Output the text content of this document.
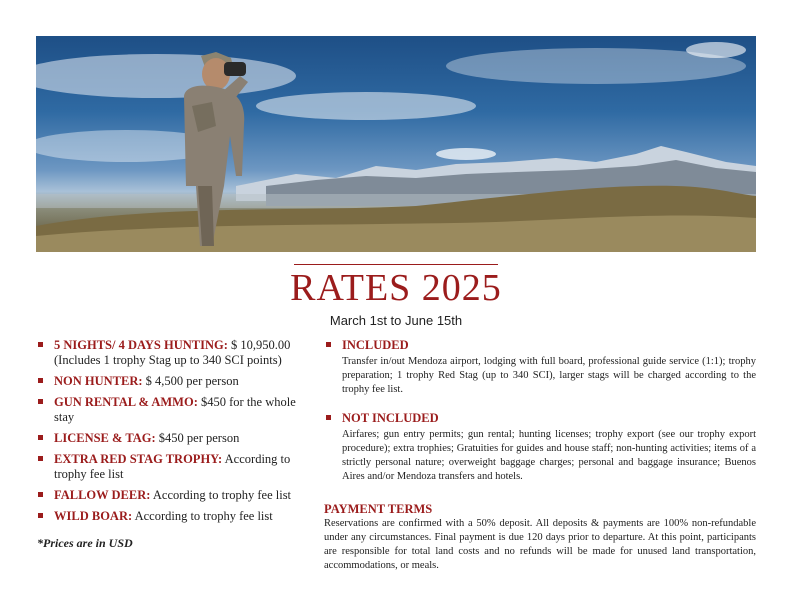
RATES 2025
March 1st to June 15th
5 NIGHTS/ 4 DAYS HUNTING: $ 10,950.00
(Includes 1 trophy Stag up to 340 SCI points)
NON HUNTER: $ 4,500 per person
GUN RENTAL & AMMO: $450 for the whole stay
LICENSE & TAG: $450 per person
EXTRA RED STAG TROPHY: According to trophy fee list
FALLOW DEER: According to trophy fee list
WILD BOAR: According to trophy fee list
*Prices are in USD
INCLUDED
Transfer in/out Mendoza airport, lodging with full board, professional guide service (1:1); trophy preparation; 1 trophy Red Stag (up to 340 SCI), larger stags will be charged according to the trophy fee list.
NOT INCLUDED
Airfares; gun entry permits; gun rental; hunting licenses; trophy export (see our trophy export procedure); extra trophies; Gratuities for guides and house staff; non-hunting activities; items of a strictly personal nature; overweight baggage charges; personal and baggage insurance; Buenos Aires and/or Mendoza transfers and hotels.
PAYMENT TERMS
Reservations are confirmed with a 50% deposit. All deposits & payments are 100% non-refundable under any circumstances. Final payment is due 120 days prior to departure. At this point, participants are responsible for total land costs and no refunds will be made for unused land transportation, accommodations, or meals.
